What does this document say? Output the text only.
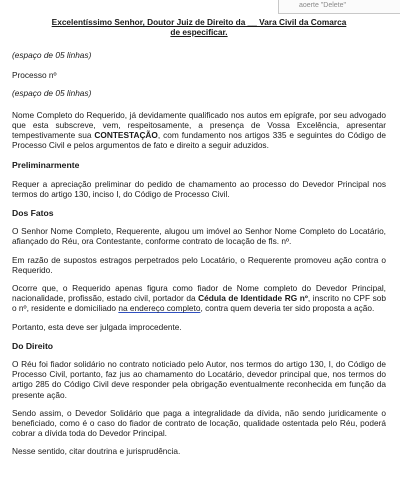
aoerte "Delete"

Excelentíssimo Senhor, Doutor Juiz de Direito da __ Vara Civil da Comarca
de especificar.

(espaço de 05 linhas)

Processo nº

(espaço de 05 linhas)

Nome Completo do Requerido, já devidamente qualificado nos autos em epígrafe, por seu advogado que esta subscreve, vem, respeitosamente, a presença de Vossa Excelência, apresentar tempestivamente sua CONTESTAÇÃO, com fundamento nos artigos 335 e seguintes do Código de Processo Civil e pelos argumentos de fato e direito a seguir aduzidos.

Preliminarmente

Requer a apreciação preliminar do pedido de chamamento ao processo do Devedor Principal nos termos do artigo 130, inciso I, do Código de Processo Civil.

Dos Fatos

O Senhor Nome Completo, Requerente, alugou um imóvel ao Senhor Nome Completo do Locatário, afiançado do Réu, ora Contestante, conforme contrato de locação de fls. nº.

Em razão de supostos estragos perpetrados pelo Locatário, o Requerente promoveu ação contra o Requerido.

Ocorre que, o Requerido apenas figura como fiador de Nome completo do Devedor Principal, nacionalidade, profissão, estado civil, portador da Cédula de Identidade RG nº, inscrito no CPF sob o nº, residente e domiciliado na endereço completo, contra quem deveria ter sido proposta a ação.

Portanto, esta deve ser julgada improcedente.

Do Direito

O Réu foi fiador solidário no contrato noticiado pelo Autor, nos termos do artigo 130, I, do Código de Processo Civil, portanto, faz jus ao chamamento do Locatário, devedor principal que, nos termos do artigo 285 do Código Civil deve responder pela obrigação eventualmente reconhecida em função da presente ação.

Sendo assim, o Devedor Solidário que paga a integralidade da dívida, não sendo juridicamente o beneficiado, como é o caso do fiador de contrato de locação, qualidade ostentada pelo Réu, poderá cobrar a dívida toda do Devedor Principal.

Nesse sentido, citar doutrina e jurisprudência.
